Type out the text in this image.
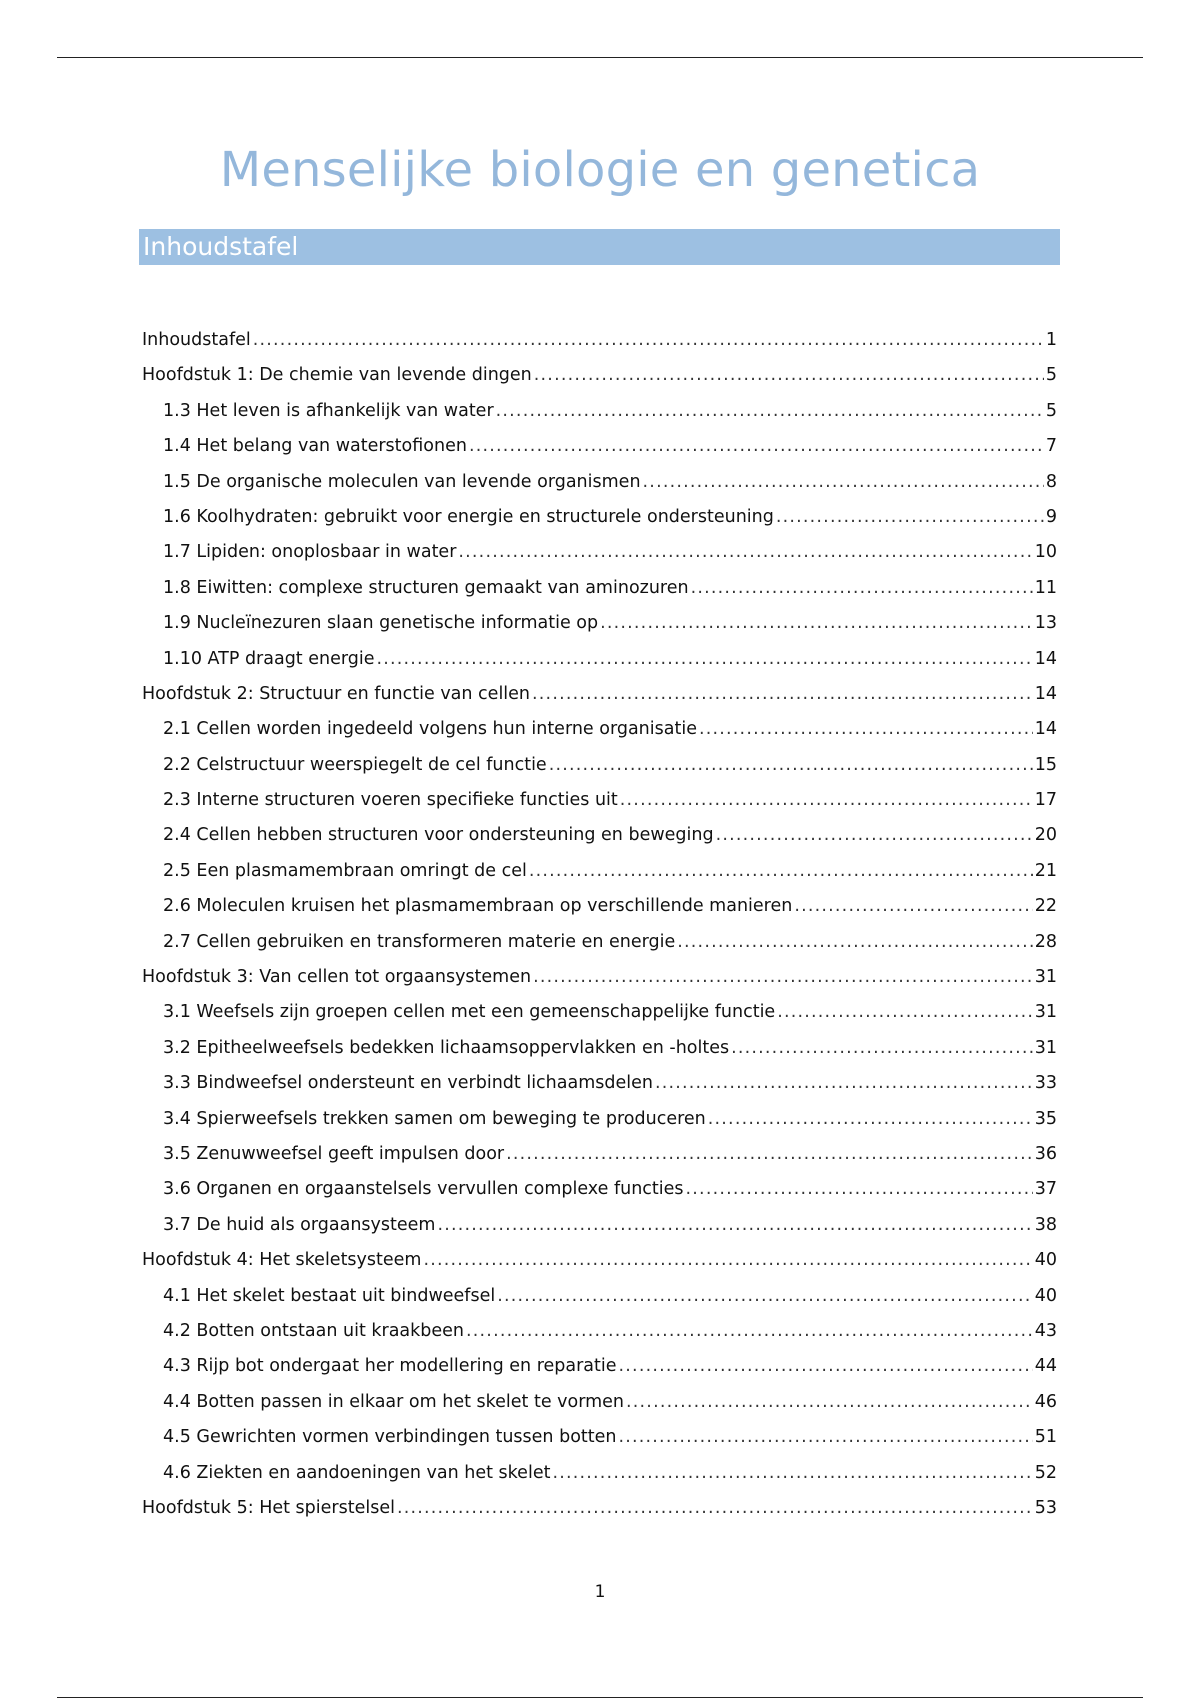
Menselijke biologie en genetica
Inhoudstafel
Inhoudstafel .....	1
Hoofdstuk 1: De chemie van levende dingen .....	5
1.3 Het leven is afhankelijk van water .....	5
1.4 Het belang van waterstofionen .....	7
1.5 De organische moleculen van levende organismen .....	8
1.6 Koolhydraten: gebruikt voor energie en structurele ondersteuning .....	9
1.7 Lipiden: onoplosbaar in water .....	10
1.8 Eiwitten: complexe structuren gemaakt van aminozuren .....	11
1.9 Nucleïnezuren slaan genetische informatie op .....	13
1.10 ATP draagt energie .....	14
Hoofdstuk 2: Structuur en functie van cellen .....	14
2.1 Cellen worden ingedeeld volgens hun interne organisatie .....	14
2.2 Celstructuur weerspiegelt de cel functie .....	15
2.3 Interne structuren voeren specifieke functies uit .....	17
2.4 Cellen hebben structuren voor ondersteuning en beweging .....	20
2.5 Een plasmamembraan omringt de cel .....	21
2.6 Moleculen kruisen het plasmamembraan op verschillende manieren .....	22
2.7 Cellen gebruiken en transformeren materie en energie .....	28
Hoofdstuk 3: Van cellen tot orgaansystemen .....	31
3.1 Weefsels zijn groepen cellen met een gemeenschappelijke functie .....	31
3.2 Epitheelweefsels bedekken lichaamsoppervlakken en -holtes .....	31
3.3 Bindweefsel ondersteunt en verbindt lichaamsdelen .....	33
3.4 Spierweefsels trekken samen om beweging te produceren .....	35
3.5 Zenuwweefsel geeft impulsen door .....	36
3.6 Organen en orgaanstelsels vervullen complexe functies .....	37
3.7 De huid als orgaansysteem .....	38
Hoofdstuk 4: Het skeletsysteem .....	40
4.1 Het skelet bestaat uit bindweefsel .....	40
4.2 Botten ontstaan uit kraakbeen .....	43
4.3 Rijp bot ondergaat her modellering en reparatie .....	44
4.4 Botten passen in elkaar om het skelet te vormen .....	46
4.5 Gewrichten vormen verbindingen tussen botten .....	51
4.6 Ziekten en aandoeningen van het skelet .....	52
Hoofdstuk 5: Het spierstelsel .....	53

1
